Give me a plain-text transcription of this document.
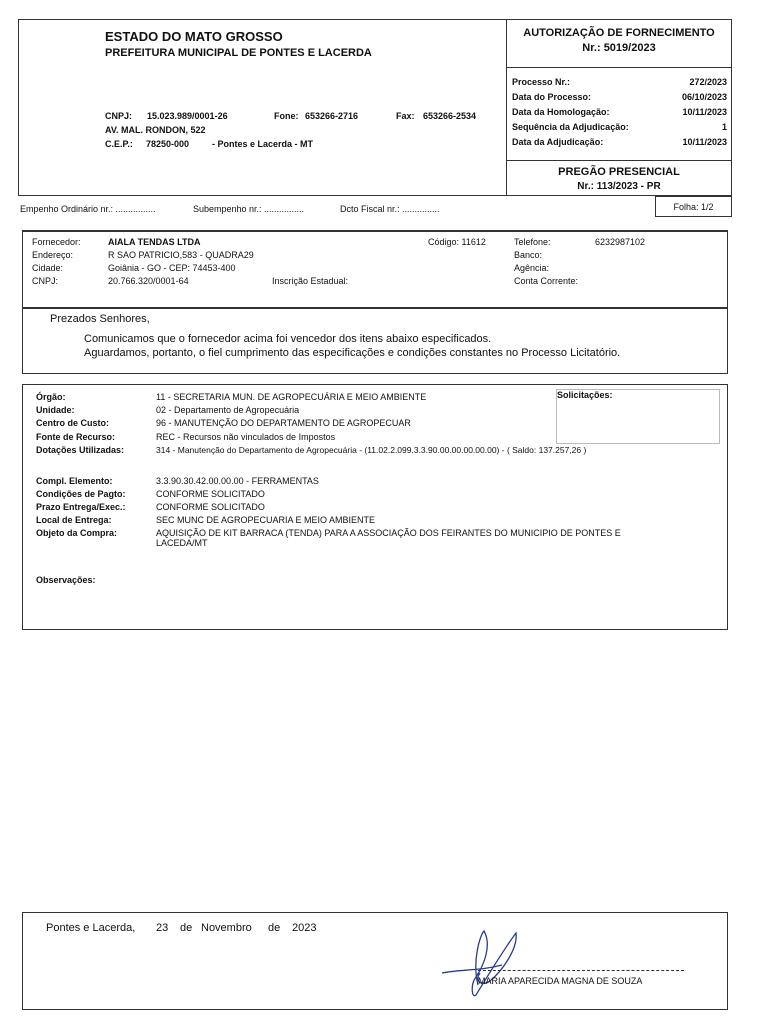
ESTADO DO MATO GROSSO
PREFEITURA MUNICIPAL DE PONTES E LACERDA
CNPJ: 15.023.989/0001-26	Fone: 653266-2716	Fax: 653266-2534
AV. MAL. RONDON, 522
C.E.P.: 78250-000	- Pontes e Lacerda - MT
AUTORIZAÇÃO DE FORNECIMENTO
Nr.: 5019/2023
Processo Nr.:	272/2023
Data do Processo:	06/10/2023
Data da Homologação:	10/11/2023
Sequência da Adjudicação:	1
Data da Adjudicação:	10/11/2023
PREGÃO PRESENCIAL
Nr.: 113/2023 - PR
Empenho Ordinário nr.: ................	Subempenho nr.: ................	Dcto Fiscal nr.: ...............	Folha: 1/2
Fornecedor:	AIALA TENDAS LTDA	Código: 11612
Endereço:	R SAO PATRICIO,583 - QUADRA29
Cidade:	Goiânia - GO - CEP: 74453-400
CNPJ:	20.766.320/0001-64	Inscrição Estadual:
Telefone:	6232987102
Banco:
Agência:
Conta Corrente:
Prezados Senhores,
Comunicamos que o fornecedor acima foi vencedor dos itens abaixo especificados.
Aguardamos, portanto, o fiel cumprimento das especificações e condições constantes no Processo Licitatório.
Solicitações:
Órgão:	11 - SECRETARIA MUN. DE AGROPECUÁRIA E MEIO AMBIENTE
Unidade:	02 - Departamento de Agropecuária
Centro de Custo:	96 - MANUTENÇÃO DO DEPARTAMENTO DE AGROPECUAR
Fonte de Recurso:	REC - Recursos não vinculados de Impostos
Dotações Utilizadas:	314 - Manutenção do Departamento de Agropecuária - (11.02.2.099.3.3.90.00.00.00.00.00) - ( Saldo: 137.257,26 )
Compl. Elemento:	3.3.90.30.42.00.00.00 - FERRAMENTAS
Condições de Pagto:	CONFORME SOLICITADO
Prazo Entrega/Exec.:	CONFORME SOLICITADO
Local de Entrega:	SEC MUNC DE AGROPECUARIA E MEIO AMBIENTE
Objeto da Compra:	AQUISIÇÃO DE KIT BARRACA (TENDA) PARA A ASSOCIAÇÃO DOS FEIRANTES DO MUNICIPIO DE PONTES E
LACEDA/MT
Observações:
Pontes e Lacerda, 23 de Novembro de 2023
MARIA APARECIDA MAGNA DE SOUZA
